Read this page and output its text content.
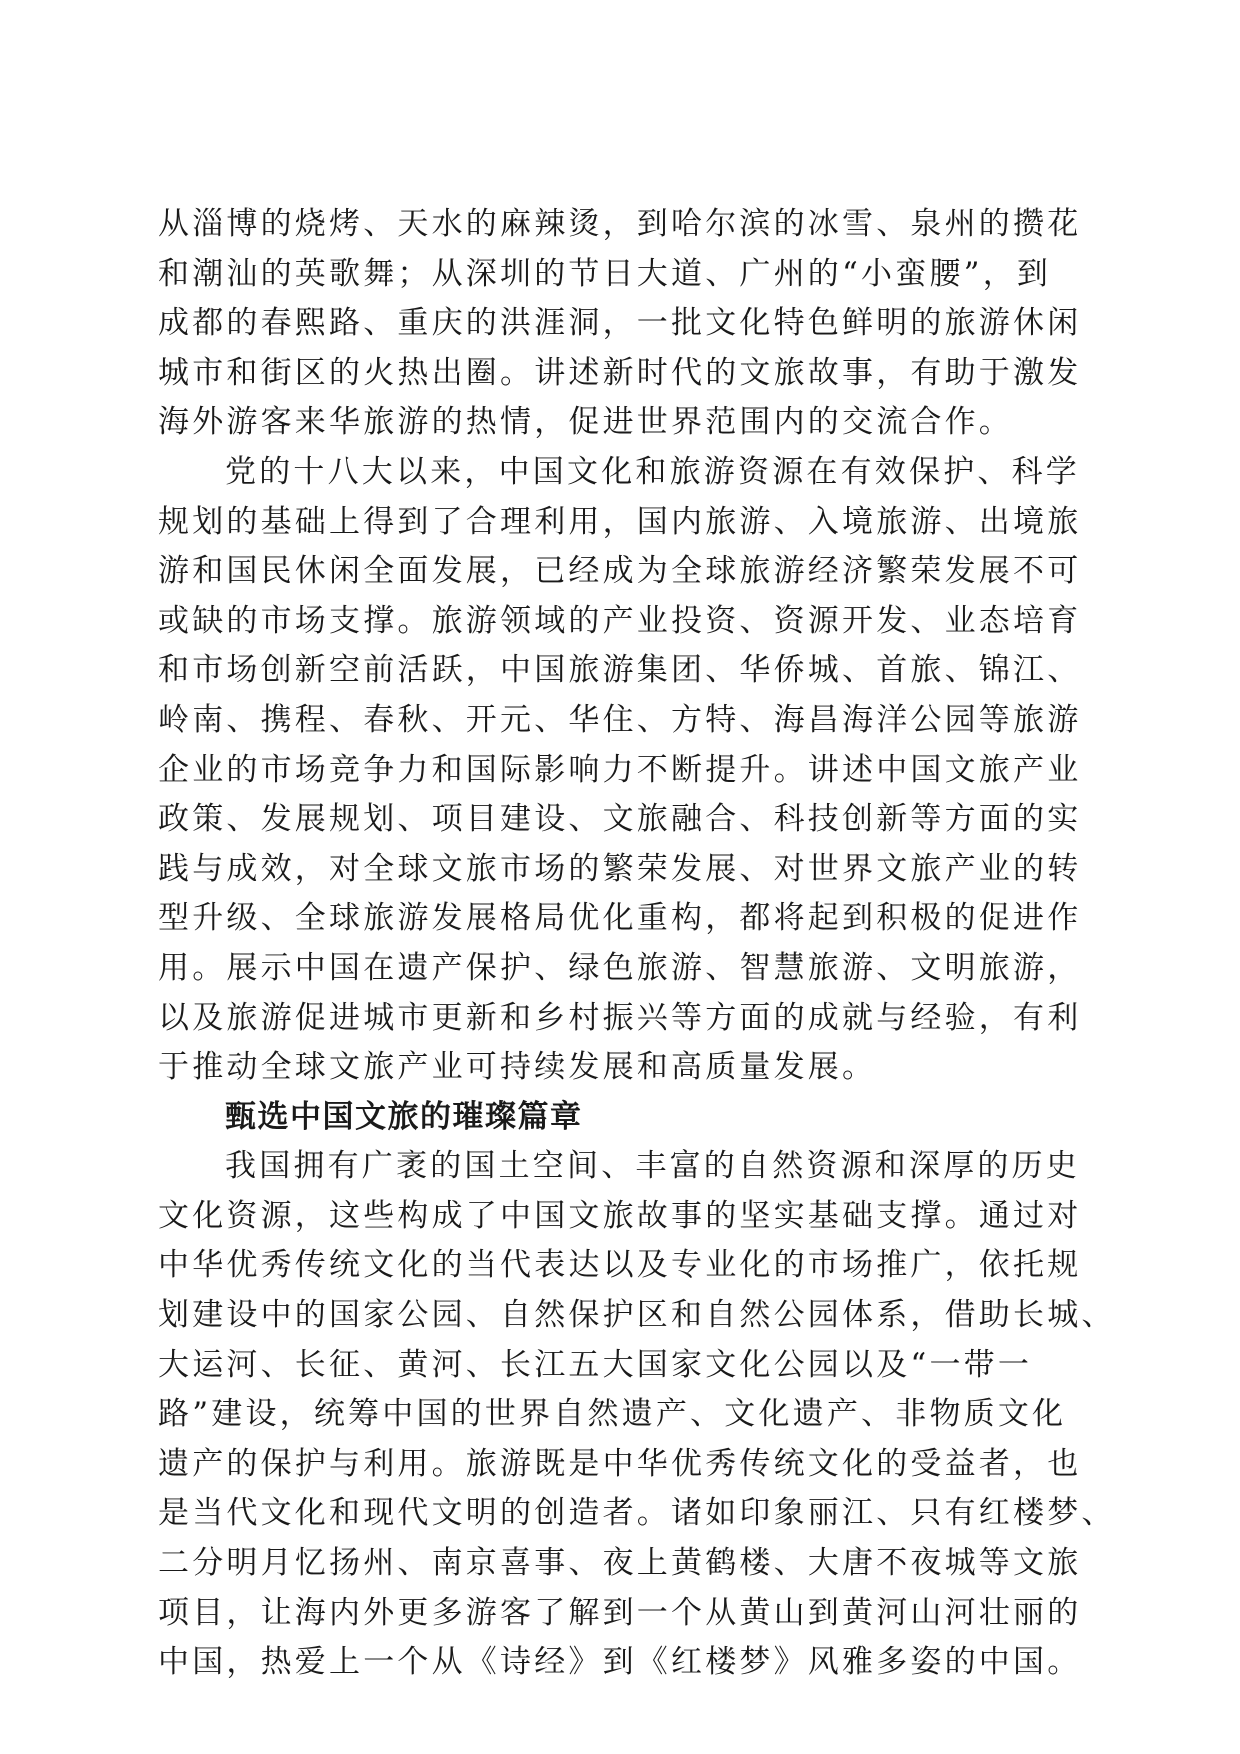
从淄博的烧烤、天水的麻辣烫，到哈尔滨的冰雪、泉州的攒花
和潮汕的英歌舞；从深圳的节日大道、广州的“小蛮腰”，到
成都的春熙路、重庆的洪涯洞，一批文化特色鲜明的旅游休闲
城市和街区的火热出圈。讲述新时代的文旅故事，有助于激发
海外游客来华旅游的热情，促进世界范围内的交流合作。
党的十八大以来，中国文化和旅游资源在有效保护、科学
规划的基础上得到了合理利用，国内旅游、入境旅游、出境旅
游和国民休闲全面发展，已经成为全球旅游经济繁荣发展不可
或缺的市场支撑。旅游领域的产业投资、资源开发、业态培育
和市场创新空前活跃，中国旅游集团、华侨城、首旅、锦江、
岭南、携程、春秋、开元、华住、方特、海昌海洋公园等旅游
企业的市场竞争力和国际影响力不断提升。讲述中国文旅产业
政策、发展规划、项目建设、文旅融合、科技创新等方面的实
践与成效，对全球文旅市场的繁荣发展、对世界文旅产业的转
型升级、全球旅游发展格局优化重构，都将起到积极的促进作
用。展示中国在遗产保护、绿色旅游、智慧旅游、文明旅游，
以及旅游促进城市更新和乡村振兴等方面的成就与经验，有利
于推动全球文旅产业可持续发展和高质量发展。
甄选中国文旅的璀璨篇章
我国拥有广袤的国土空间、丰富的自然资源和深厚的历史
文化资源，这些构成了中国文旅故事的坚实基础支撑。通过对
中华优秀传统文化的当代表达以及专业化的市场推广，依托规
划建设中的国家公园、自然保护区和自然公园体系，借助长城、
大运河、长征、黄河、长江五大国家文化公园以及“一带一
路”建设，统筹中国的世界自然遗产、文化遗产、非物质文化
遗产的保护与利用。旅游既是中华优秀传统文化的受益者，也
是当代文化和现代文明的创造者。诸如印象丽江、只有红楼梦、
二分明月忆扬州、南京喜事、夜上黄鹤楼、大唐不夜城等文旅
项目，让海内外更多游客了解到一个从黄山到黄河山河壮丽的
中国，热爱上一个从《诗经》到《红楼梦》风雅多姿的中国。
